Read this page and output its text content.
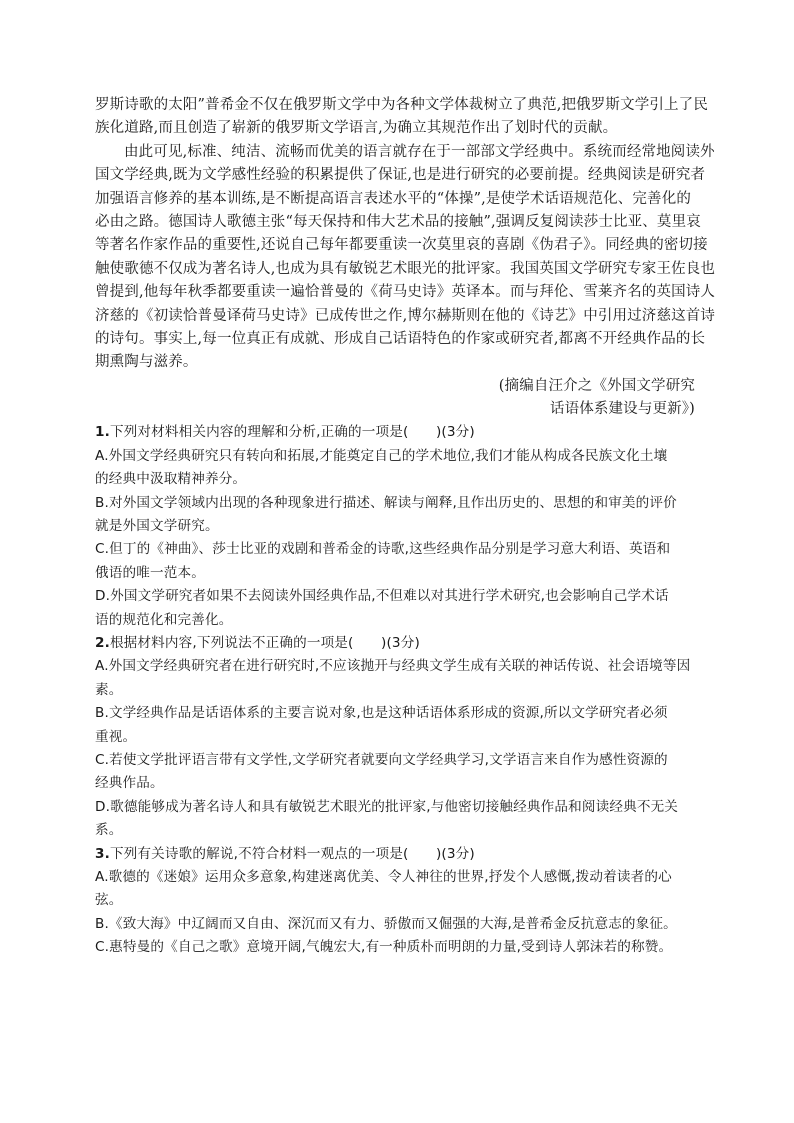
罗斯诗歌的太阳”普希金不仅在俄罗斯文学中为各种文学体裁树立了典范,把俄罗斯文学引上了民
族化道路,而且创造了崭新的俄罗斯文学语言,为确立其规范作出了划时代的贡献。
由此可见,标准、纯洁、流畅而优美的语言就存在于一部部文学经典中。系统而经常地阅读外
国文学经典,既为文学感性经验的积累提供了保证,也是进行研究的必要前提。经典阅读是研究者
加强语言修养的基本训练,是不断提高语言表述水平的“体操”,是使学术话语规范化、完善化的
必由之路。德国诗人歌德主张“每天保持和伟大艺术品的接触”,强调反复阅读莎士比亚、莫里哀
等著名作家作品的重要性,还说自己每年都要重读一次莫里哀的喜剧《伪君子》。同经典的密切接
触使歌德不仅成为著名诗人,也成为具有敏锐艺术眼光的批评家。我国英国文学研究专家王佐良也
曾提到,他每年秋季都要重读一遍恰普曼的《荷马史诗》英译本。而与拜伦、雪莱齐名的英国诗人
济慈的《初读恰普曼译荷马史诗》已成传世之作,博尔赫斯则在他的《诗艺》中引用过济慈这首诗
的诗句。事实上,每一位真正有成就、形成自己话语特色的作家或研究者,都离不开经典作品的长
期熏陶与滋养。
(摘编自汪介之《外国文学研究
话语体系建设与更新》)
1.下列对材料相关内容的理解和分析,正确的一项是(　　)(3分)
A.外国文学经典研究只有转向和拓展,才能奠定自己的学术地位,我们才能从构成各民族文化土壤
的经典中汲取精神养分。
B.对外国文学领域内出现的各种现象进行描述、解读与阐释,且作出历史的、思想的和审美的评价
就是外国文学研究。
C.但丁的《神曲》、莎士比亚的戏剧和普希金的诗歌,这些经典作品分别是学习意大利语、英语和
俄语的唯一范本。
D.外国文学研究者如果不去阅读外国经典作品,不但难以对其进行学术研究,也会影响自己学术话
语的规范化和完善化。
2.根据材料内容,下列说法不正确的一项是(　　)(3分)
A.外国文学经典研究者在进行研究时,不应该抛开与经典文学生成有关联的神话传说、社会语境等因
素。
B.文学经典作品是话语体系的主要言说对象,也是这种话语体系形成的资源,所以文学研究者必须
重视。
C.若使文学批评语言带有文学性,文学研究者就要向文学经典学习,文学语言来自作为感性资源的
经典作品。
D.歌德能够成为著名诗人和具有敏锐艺术眼光的批评家,与他密切接触经典作品和阅读经典不无关
系。
3.下列有关诗歌的解说,不符合材料一观点的一项是(　　)(3分)
A.歌德的《迷娘》运用众多意象,构建迷离优美、令人神往的世界,抒发个人感慨,拨动着读者的心
弦。
B.《致大海》中辽阔而又自由、深沉而又有力、骄傲而又倔强的大海,是普希金反抗意志的象征。
C.惠特曼的《自己之歌》意境开阔,气魄宏大,有一种质朴而明朗的力量,受到诗人郭沫若的称赞。
